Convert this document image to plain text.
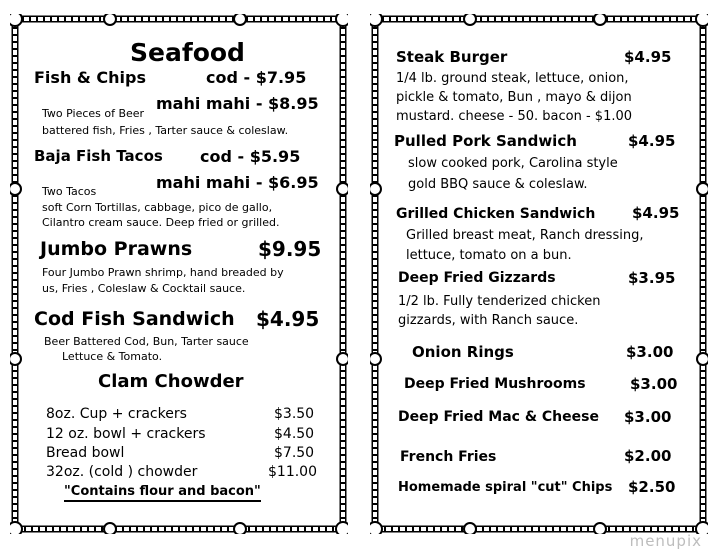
Seafood
Fish & Chips	cod - $7.95
Two Pieces of Beer
mahi mahi - $8.95
battered fish, Fries , Tarter sauce & coleslaw.
Baja Fish Tacos cod - $5.95
mahi mahi - $6.95
Two Tacos
soft Corn Tortillas, cabbage, pico de gallo,
Cilantro cream sauce. Deep fried or grilled.
Jumbo Prawns	$9.95
Four Jumbo Prawn shrimp, hand breaded by
us, Fries , Coleslaw & Cocktail sauce.
Cod Fish Sandwich $4.95
Beer Battered Cod, Bun, Tarter sauce
Lettuce & Tomato.
Clam Chowder
8oz. Cup + crackers	$3.50
12 oz. bowl + crackers	$4.50
Bread bowl	$7.50
32oz. (cold ) chowder	$11.00
"Contains flour and bacon"
Steak Burger	$4.95
1/4 lb. ground steak, lettuce, onion,
pickle & tomato, Bun , mayo & dijon
mustard. cheese - 50. bacon - $1.00
Pulled Pork Sandwich	$4.95
slow cooked pork, Carolina style
gold BBQ sauce & coleslaw.
Grilled Chicken Sandwich $4.95
Grilled breast meat, Ranch dressing,
lettuce, tomato on a bun.
Deep Fried Gizzards	$3.95
1/2 lb. Fully tenderized chicken
gizzards, with Ranch sauce.
Onion Rings	$3.00
Deep Fried Mushrooms	$3.00
Deep Fried Mac & Cheese $3.00
French Fries	$2.00
Homemade spiral "cut" Chips $2.50
menupix
